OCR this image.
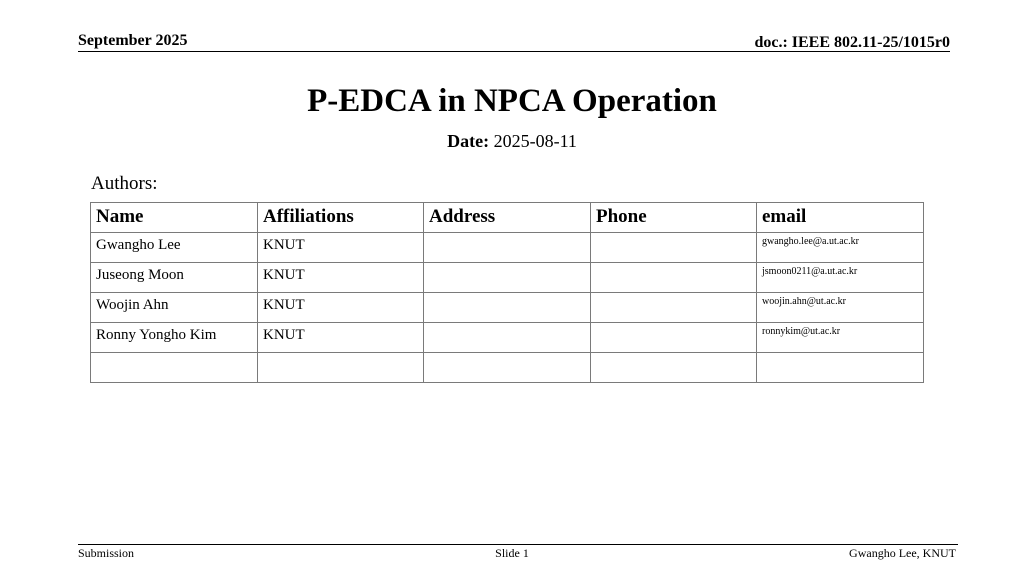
September 2025	doc.: IEEE 802.11-25/1015r0
P-EDCA in NPCA Operation
Date: 2025-08-11
Authors:
Name	Affiliations	Address	Phone	email
Gwangho Lee	KNUT			gwangho.lee@a.ut.ac.kr
Juseong Moon	KNUT			jsmoon0211@a.ut.ac.kr
Woojin Ahn	KNUT			woojin.ahn@ut.ac.kr
Ronny Yongho Kim	KNUT			ronnykim@ut.ac.kr

Submission	Slide 1	Gwangho Lee, KNUT
